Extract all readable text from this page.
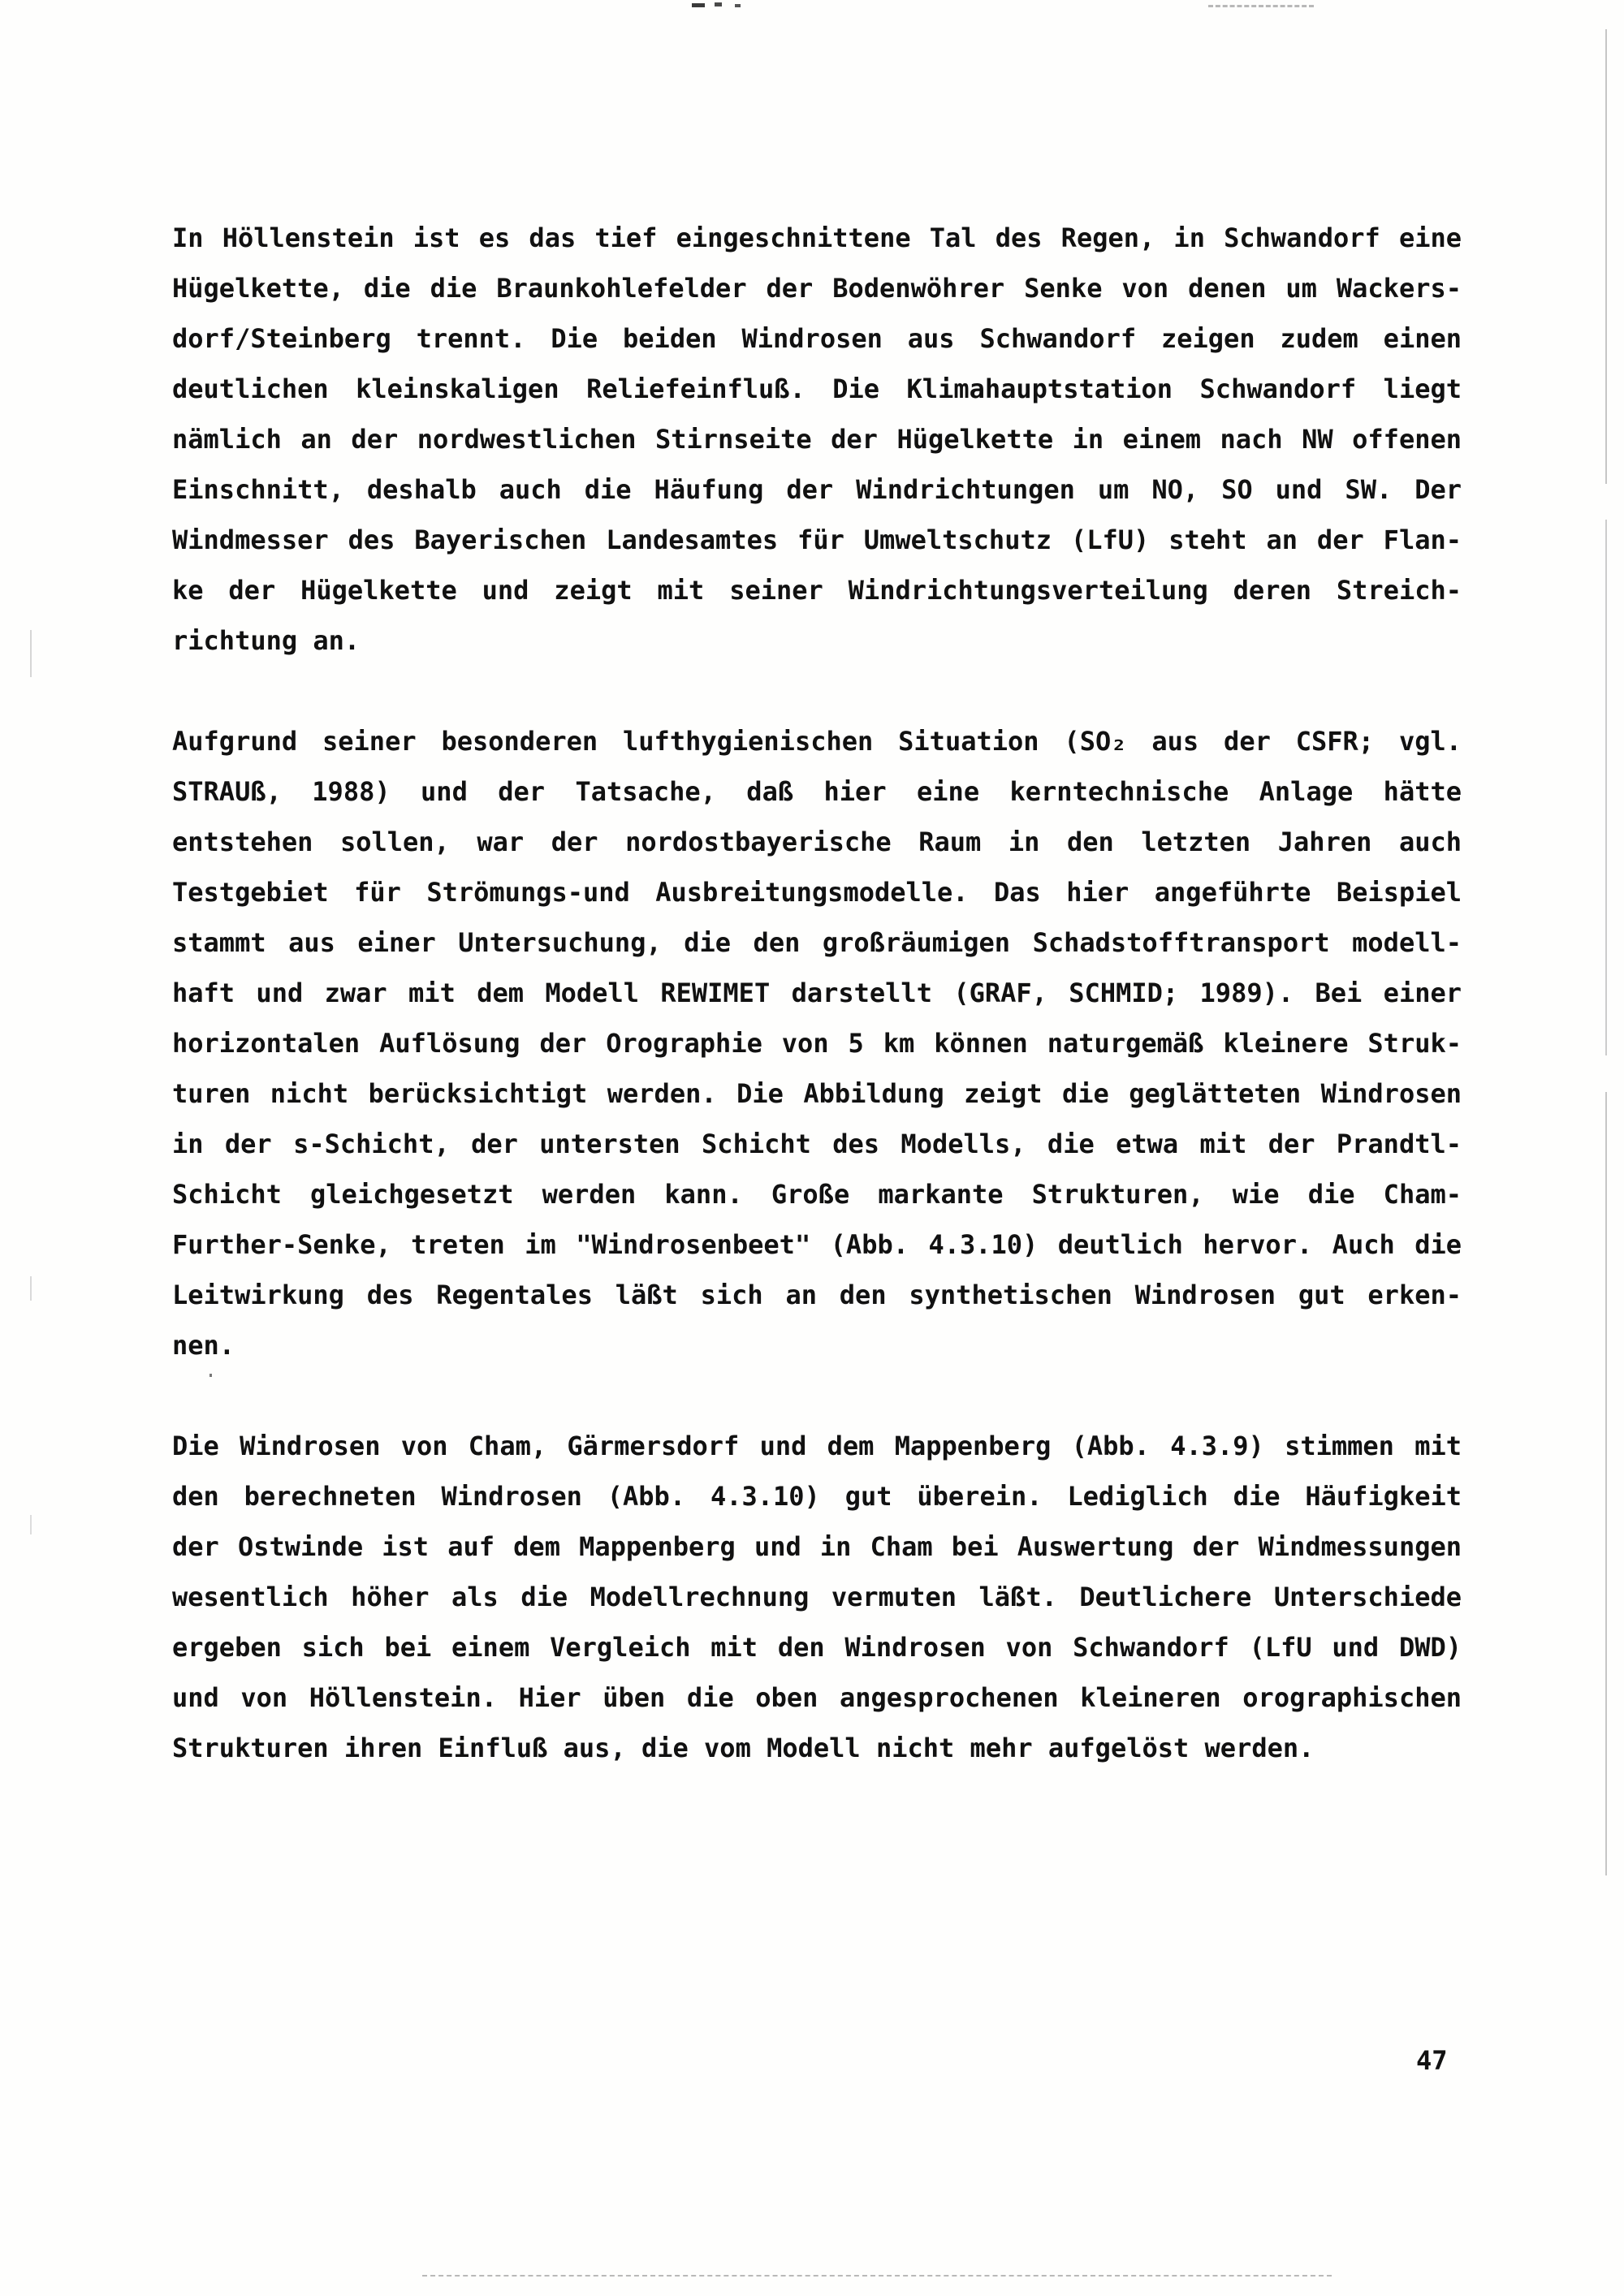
In Höllenstein ist es das tief eingeschnittene Tal des Regen, in Schwandorf eine
Hügelkette, die die Braunkohlefelder der Bodenwöhrer Senke von denen um Wackers-
dorf/Steinberg trennt. Die beiden Windrosen aus Schwandorf zeigen zudem einen
deutlichen kleinskaligen Reliefeinfluß. Die Klimahauptstation Schwandorf liegt
nämlich an der nordwestlichen Stirnseite der Hügelkette in einem nach NW offenen
Einschnitt, deshalb auch die Häufung der Windrichtungen um NO, SO und SW. Der
Windmesser des Bayerischen Landesamtes für Umweltschutz (LfU) steht an der Flan-
ke der Hügelkette und zeigt mit seiner Windrichtungsverteilung deren Streich-
richtung an.
Aufgrund seiner besonderen lufthygienischen Situation (SO₂ aus der CSFR; vgl.
STRAUß, 1988) und der Tatsache, daß hier eine kerntechnische Anlage hätte
entstehen sollen, war der nordostbayerische Raum in den letzten Jahren auch
Testgebiet für Strömungs-und Ausbreitungsmodelle. Das hier angeführte Beispiel
stammt aus einer Untersuchung, die den großräumigen Schadstofftransport modell-
haft und zwar mit dem Modell REWIMET darstellt (GRAF, SCHMID; 1989). Bei einer
horizontalen Auflösung der Orographie von 5 km können naturgemäß kleinere Struk-
turen nicht berücksichtigt werden. Die Abbildung zeigt die geglätteten Windrosen
in der s-Schicht, der untersten Schicht des Modells, die etwa mit der Prandtl-
Schicht gleichgesetzt werden kann. Große markante Strukturen, wie die Cham-
Further-Senke, treten im "Windrosenbeet" (Abb. 4.3.10) deutlich hervor. Auch die
Leitwirkung des Regentales läßt sich an den synthetischen Windrosen gut erken-
nen.
Die Windrosen von Cham, Gärmersdorf und dem Mappenberg (Abb. 4.3.9) stimmen mit
den berechneten Windrosen (Abb. 4.3.10) gut überein. Lediglich die Häufigkeit
der Ostwinde ist auf dem Mappenberg und in Cham bei Auswertung der Windmessungen
wesentlich höher als die Modellrechnung vermuten läßt. Deutlichere Unterschiede
ergeben sich bei einem Vergleich mit den Windrosen von Schwandorf (LfU und DWD)
und von Höllenstein. Hier üben die oben angesprochenen kleineren orographischen
Strukturen ihren Einfluß aus, die vom Modell nicht mehr aufgelöst werden.
47
